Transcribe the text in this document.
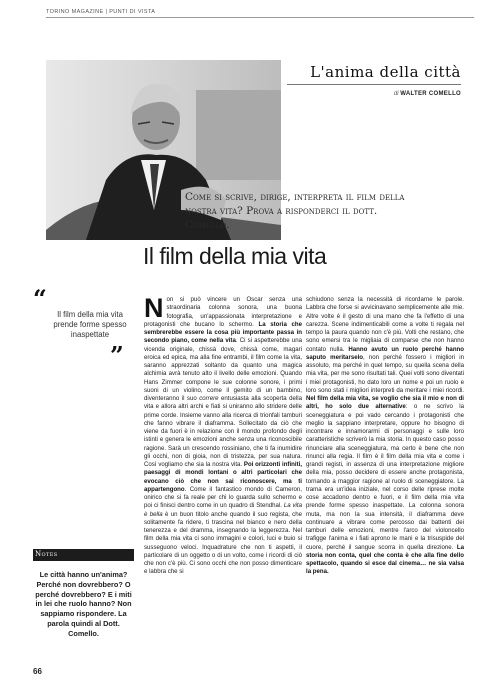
TORINO MAGAZINE | PUNTI DI VISTA
L'anima della città
di WALTER COMELLO
Come si scrive, dirige, interpreta il film della nostra vita? Prova a risponderci il dott. Comello.
Il film della mia vita
“
Il film della mia vita prende forme spesso inaspettate
”
Notes
Le città hanno un'anima? Perché non dovrebbero? O perché dovrebbero? E i miti in lei che ruolo hanno? Non sappiamo rispondere. La parola quindi al Dott. Comello.
N on si può vincere un Oscar senza una straordinaria colonna sonora, una buona fotografia, un'appassionata interpretazione e protagonisti che bucano lo schermo. La storia che sembrerebbe essere la cosa più importante passa in secondo piano, come nella vita. Ci si aspetterebbe una vicenda originale, chissà dove, chissà come, magari eroica ed epica, ma alla fine entrambi, il film come la vita, saranno apprezzati soltanto da quanto una magica alchimia avrà tenuto alto il livello delle emozioni. Quando Hans Zimmer compone le sue colonne sonore, i primi suoni di un violino, come il gemito di un bambino, diventeranno il suo correre entusiasta alla scoperta della vita e allora altri archi e fiati si uniranno allo stridere delle prime corde. Insieme vanno alla ricerca di trionfali tamburi che fanno vibrare il diaframma. Sollecitato da ciò che viene da fuori è in relazione con il mondo profondo degli istinti e genera le emozioni anche senza una riconoscibile ragione. Sarà un crescendo rossiniano, che ti fa inumidire gli occhi, non di gioia, non di tristezza, per sua natura. Così vogliamo che sia la nostra vita. Poi orizzonti infiniti, paesaggi di mondi lontani o altri particolari che evocano ciò che non sai riconoscere, ma ti appartengono. Come il fantastico mondo di Cameron, onirico che si fa reale per chi lo guarda sullo schermo e poi ci finisci dentro come in un quadro di Stendhal. La vita è bella è un buon titolo anche quando il suo regista, che solitamente fa ridere, ti trascina nel bianco e nero della tenerezza e del dramma, insegnando la leggerezza. Nel film della mia vita ci sono immagini e colori, luci e buio si susseguono veloci. Inquadrature che non ti aspetti, il particolare di un oggetto o di un volto, come i ricordi di ciò che non c'è più. Ci sono occhi che non posso dimenticare e labbra che si
schiudono senza la necessità di ricordarne le parole. Labbra che forse si avvicinavano semplicemente alle mie. Altre volte è il gesto di una mano che fa l'effetto di una carezza. Scene indimenticabili come a volte ti regala nel tempo la paura quando non c'è più. Volti che restano, che sono emersi tra le migliaia di comparse che non hanno contato nulla. Hanno avuto un ruolo perché hanno saputo meritarselo, non perché fossero i migliori in assoluto, ma perché in quel tempo, su quella scena della mia vita, per me sono risultati tali. Quei volti sono diventati i miei protagonisti, ho dato loro un nome e poi un ruolo e loro sono stati i migliori interpreti da meritare i miei ricordi. Nel film della mia vita, se voglio che sia il mio e non di altri, ho solo due alternative: o ne scrivo la sceneggiatura e poi vado cercando i protagonisti che meglio la sappiano interpretare, oppure ho bisogno di incontrare e innamorarmi di personaggi e sulle loro caratteristiche scriverò la mia storia. In questo caso posso rinunciare alla sceneggiatura, ma certo è bene che non rinunci alla regia. Il film è il film della mia vita e come i grandi registi, in assenza di una interpretazione migliore della mia, posso decidere di essere anche protagonista, tornando a maggior ragione al ruolo di sceneggiatore. La trama era un'idea iniziale, nel corso delle riprese molte cose accadono dentro e fuori, e il film della mia vita prende forme spesso inaspettate. La colonna sonora muta, ma non la sua intensità, il diaframma deve continuare a vibrare come percosso dai battenti dei tamburi delle emozioni, mentre l'arco del violoncello trafigge l'anima e i fiati aprono le mani e la trisuspide del cuore, perché il sangue scorra in quella direzione. La storia non conta, quel che conta è che alla fine dello spettacolo, quando si esce dal cinema… ne sia valsa la pena.
66
